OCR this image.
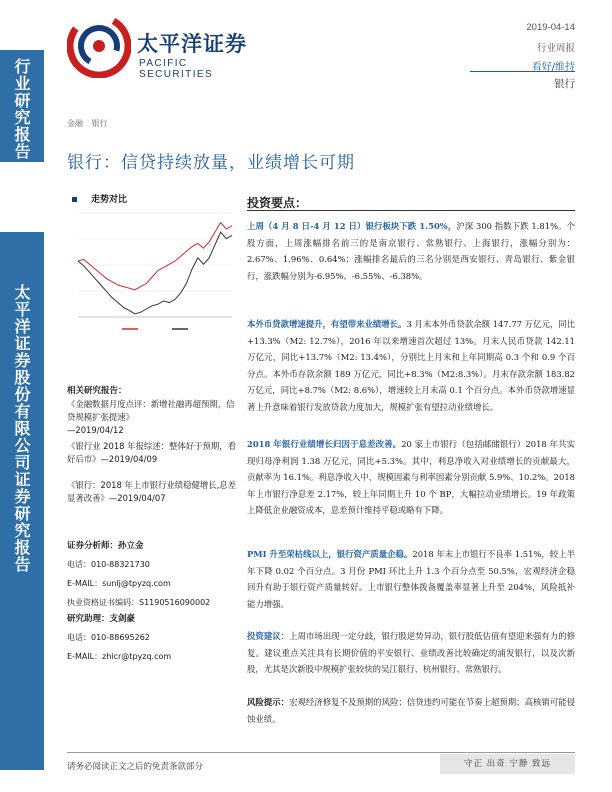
行业研究报告
太平洋证券股份有限公司证券研究报告
太平洋证券
PACIFIC SECURITIES
2019-04-14
行业周报
看好/维持
银行
金融 银行
银行：信贷持续放量，业绩增长可期
走势对比
相关研究报告：
《金融数据月度点评：新增社融再超预期，信贷规模扩张提速》
—2019/04/12
《银行业 2018 年报综述：整体好于预期，看好后市》—2019/04/09
《银行：2018 年上市银行业绩稳健增长,息差显著改善》—2019/04/07
证券分析师：孙立金
电话：010-88321730
E-MAIL：sunlj@tpyzq.com
执业资格证书编码：S1190516090002
研究助理：支剑豪
电话：010-88695262
E-MAIL：zhicr@tpyzq.com
投资要点：
上周（4 月 8 日-4 月 12 日）银行板块下跌 1.50%，沪深 300 指数下跌 1.81%。个股方面，上周涨幅排名前三的是南京银行、常熟银行、上海银行，涨幅分别为：2.67%、1.96%、0.64%；涨幅排名最后的三名分别是西安银行、青岛银行、紫金银行，涨跌幅分别为-6.95%、-6.55%、-6.38%。
本外币贷款增速提升，有望带来业绩增长。3 月末本外币贷款余额 147.77 万亿元，同比+13.3%（M2: 12.7%），2016 年以来增速首次超过 13%。月末人民币贷款 142.11 万亿元，同比+13.7%（M2: 13.4%），分别比上月末和上年同期高 0.3 个和 0.9 个百分点。本外币存款余额 189 万亿元，同比+8.3%（M2:8.3%）。月末存款余额 183.82 万亿元，同比+8.7%（M2: 8.6%），增速较上月末高 0.1 个百分点。本外币贷款增速显著上升意味着银行发放贷款力度加大，规模扩张有望拉动业绩增长。
2018 年银行业绩增长归因于息差改善。20 家上市银行（包括邮储银行）2018 年共实现归母净利润 1.38 万亿元，同比+5.3%。其中，利息净收入对业绩增长的贡献最大，贡献率为 16.1%。利息净收入中，规模因素与利率因素分别贡献 5.9%、10.2%。2018 年上市银行净息差 2.17%，较上年同期上升 10 个 BP，大幅拉动业绩增长。19 年政策上降低企业融资成本，息差预计维持平稳或略有下降。
PMI 升至荣枯线以上，银行资产质量企稳。2018 年末上市银行不良率 1.51%，较上半年下降 0.02 个百分点。3 月份 PMI 环比上升 1.3 个百分点至 50.5%，宏观经济企稳回升有助于银行资产质量转好。上市银行整体拨备覆盖率显著上升至 204%，风险抵补能力增强。
投资建议：上周市场出现一定分歧，银行股逆势异动，银行股低估值有望迎来强有力的修复。建议重点关注具有长期价值的平安银行、业绩改善比较确定的浦发银行，以及次新股，尤其是次新股中规模扩张较快的吴江银行、杭州银行、常熟银行。
风险提示：宏观经济修复不及预期的风险；信贷违约可能在节奏上超预期；高核销可能侵蚀业绩。
请务必阅读正文之后的免责条款部分	守正 出奇 宁静 致远
